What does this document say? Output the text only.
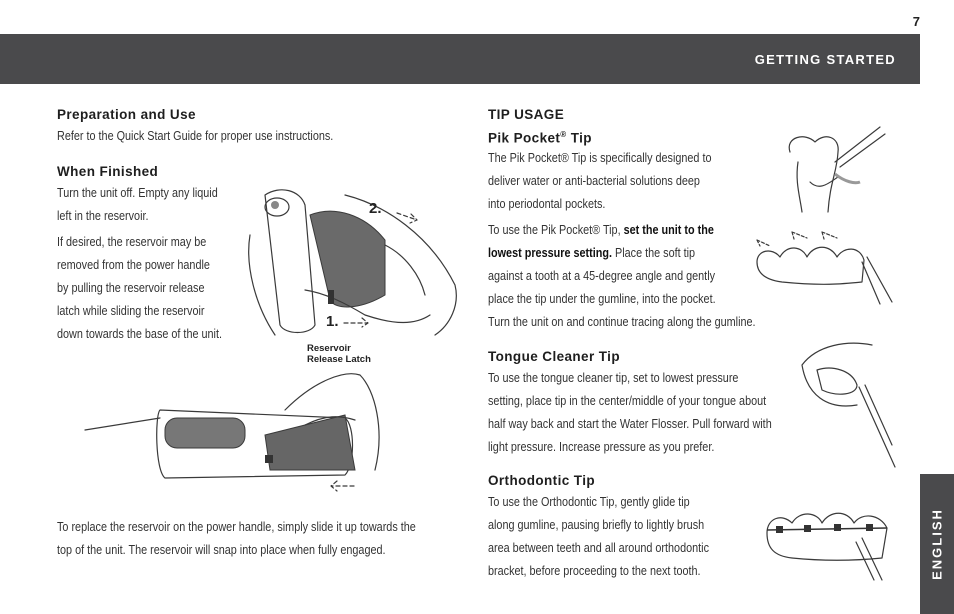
7
GETTING STARTED
ENGLISH
Preparation and Use

Refer to the Quick Start Guide for proper use instructions.

When Finished

Turn the unit off. Empty any liquid
left in the reservoir.

If desired, the reservoir may be
removed from the power handle
by pulling the reservoir release
latch while sliding the reservoir
down towards the base of the unit.

2.
1.
Reservoir
Release Latch

To replace the reservoir on the power handle, simply slide it up towards the
top of the unit. The reservoir will snap into place when fully engaged.

TIP USAGE
Pik Pocket® Tip

The Pik Pocket® Tip is specifically designed to
deliver water or anti-bacterial solutions deep
into periodontal pockets.

To use the Pik Pocket® Tip, set the unit to the
lowest pressure setting. Place the soft tip
against a tooth at a 45-degree angle and gently
place the tip under the gumline, into the pocket.
Turn the unit on and continue tracing along the gumline.

Tongue Cleaner Tip

To use the tongue cleaner tip, set to lowest pressure
setting, place tip in the center/middle of your tongue about
half way back and start the Water Flosser. Pull forward with
light pressure. Increase pressure as you prefer.

Orthodontic Tip

To use the Orthodontic Tip, gently glide tip
along gumline, pausing briefly to lightly brush
area between teeth and all around orthodontic
bracket, before proceeding to the next tooth.
